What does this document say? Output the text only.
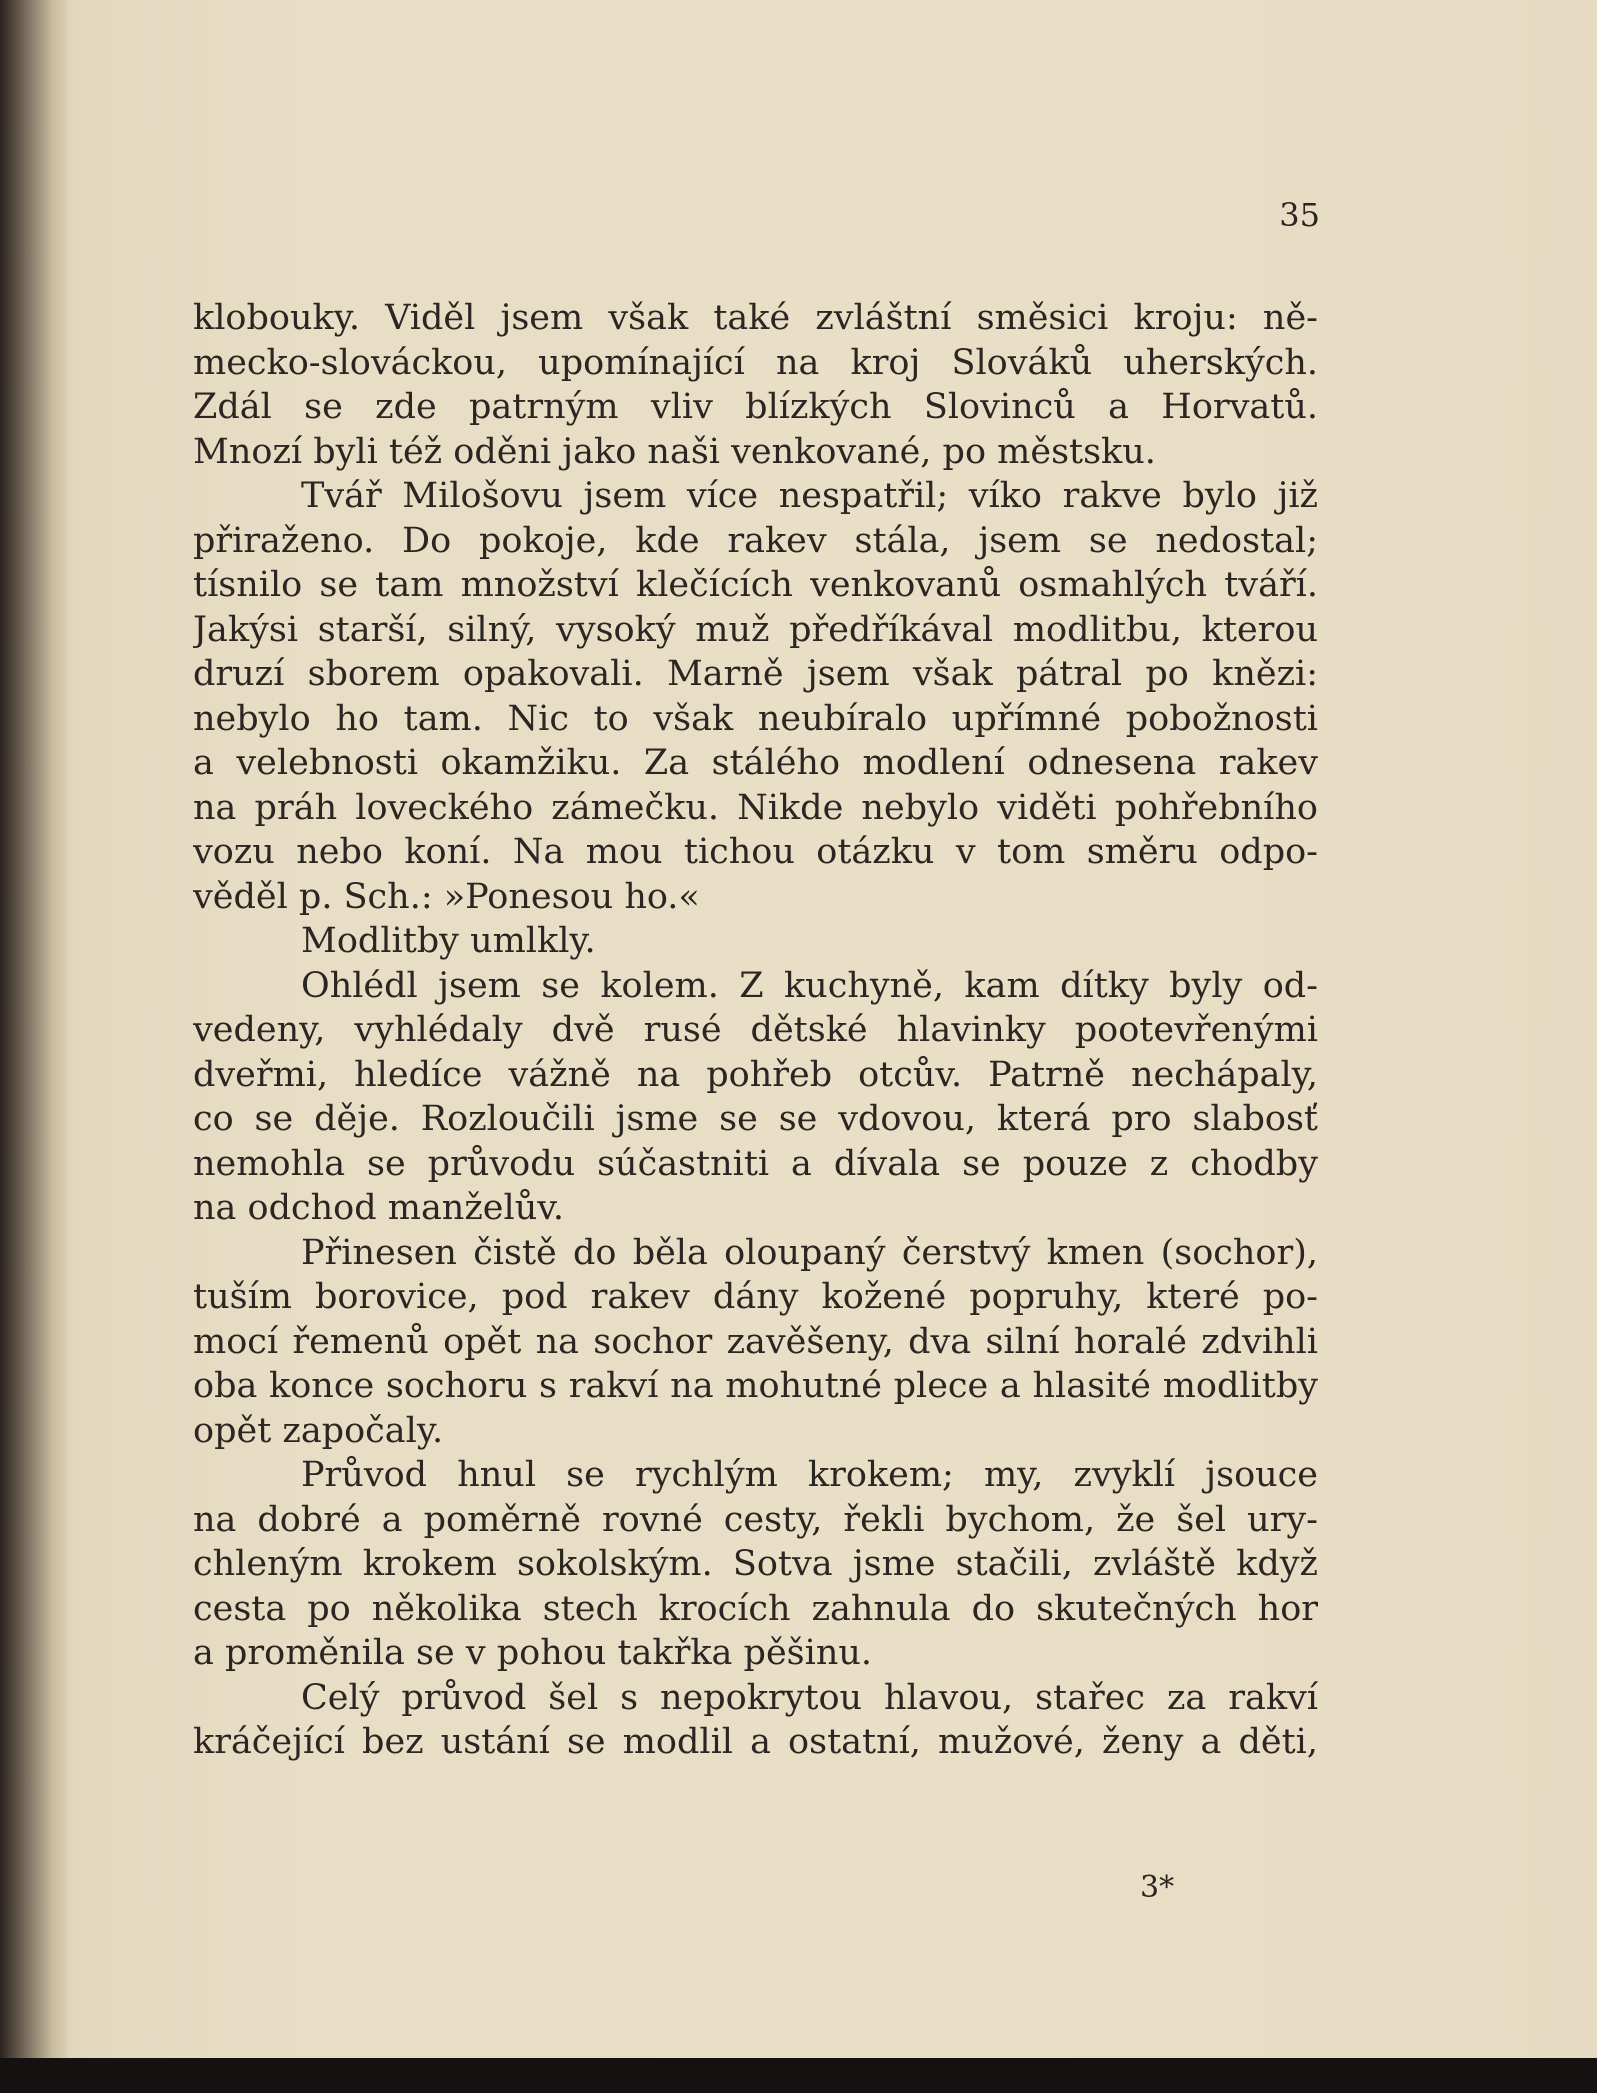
35
klobouky. Viděl jsem však také zvláštní směsici kroju: ně-
mecko-slováckou, upomínající na kroj Slováků uherských.
Zdál se zde patrným vliv blízkých Slovinců a Horvatů.
Mnozí byli též oděni jako naši venkované, po městsku.
Tvář Milošovu jsem více nespatřil; víko rakve bylo již
přiraženo. Do pokoje, kde rakev stála, jsem se nedostal;
tísnilo se tam množství klečících venkovanů osmahlých tváří.
Jakýsi starší, silný, vysoký muž předříkával modlitbu, kterou
druzí sborem opakovali. Marně jsem však pátral po knězi:
nebylo ho tam. Nic to však neubíralo upřímné pobožnosti
a velebnosti okamžiku. Za stálého modlení odnesena rakev
na práh loveckého zámečku. Nikde nebylo viděti pohřebního
vozu nebo koní. Na mou tichou otázku v tom směru odpo-
věděl p. Sch.: »Ponesou ho.«
Modlitby umlkly.
Ohlédl jsem se kolem. Z kuchyně, kam dítky byly od-
vedeny, vyhlédaly dvě rusé dětské hlavinky pootevřenými
dveřmi, hledíce vážně na pohřeb otcův. Patrně nechápaly,
co se děje. Rozloučili jsme se se vdovou, která pro slabosť
nemohla se průvodu súčastniti a dívala se pouze z chodby
na odchod manželův.
Přinesen čistě do běla oloupaný čerstvý kmen (sochor),
tuším borovice, pod rakev dány kožené popruhy, které po-
mocí řemenů opět na sochor zavěšeny, dva silní horalé zdvihli
oba konce sochoru s rakví na mohutné plece a hlasité modlitby
opět započaly.
Průvod hnul se rychlým krokem; my, zvyklí jsouce
na dobré a poměrně rovné cesty, řekli bychom, že šel ury-
chleným krokem sokolským. Sotva jsme stačili, zvláště když
cesta po několika stech krocích zahnula do skutečných hor
a proměnila se v pohou takřka pěšinu.
Celý průvod šel s nepokrytou hlavou, stařec za rakví
kráčející bez ustání se modlil a ostatní, mužové, ženy a děti,
3*
